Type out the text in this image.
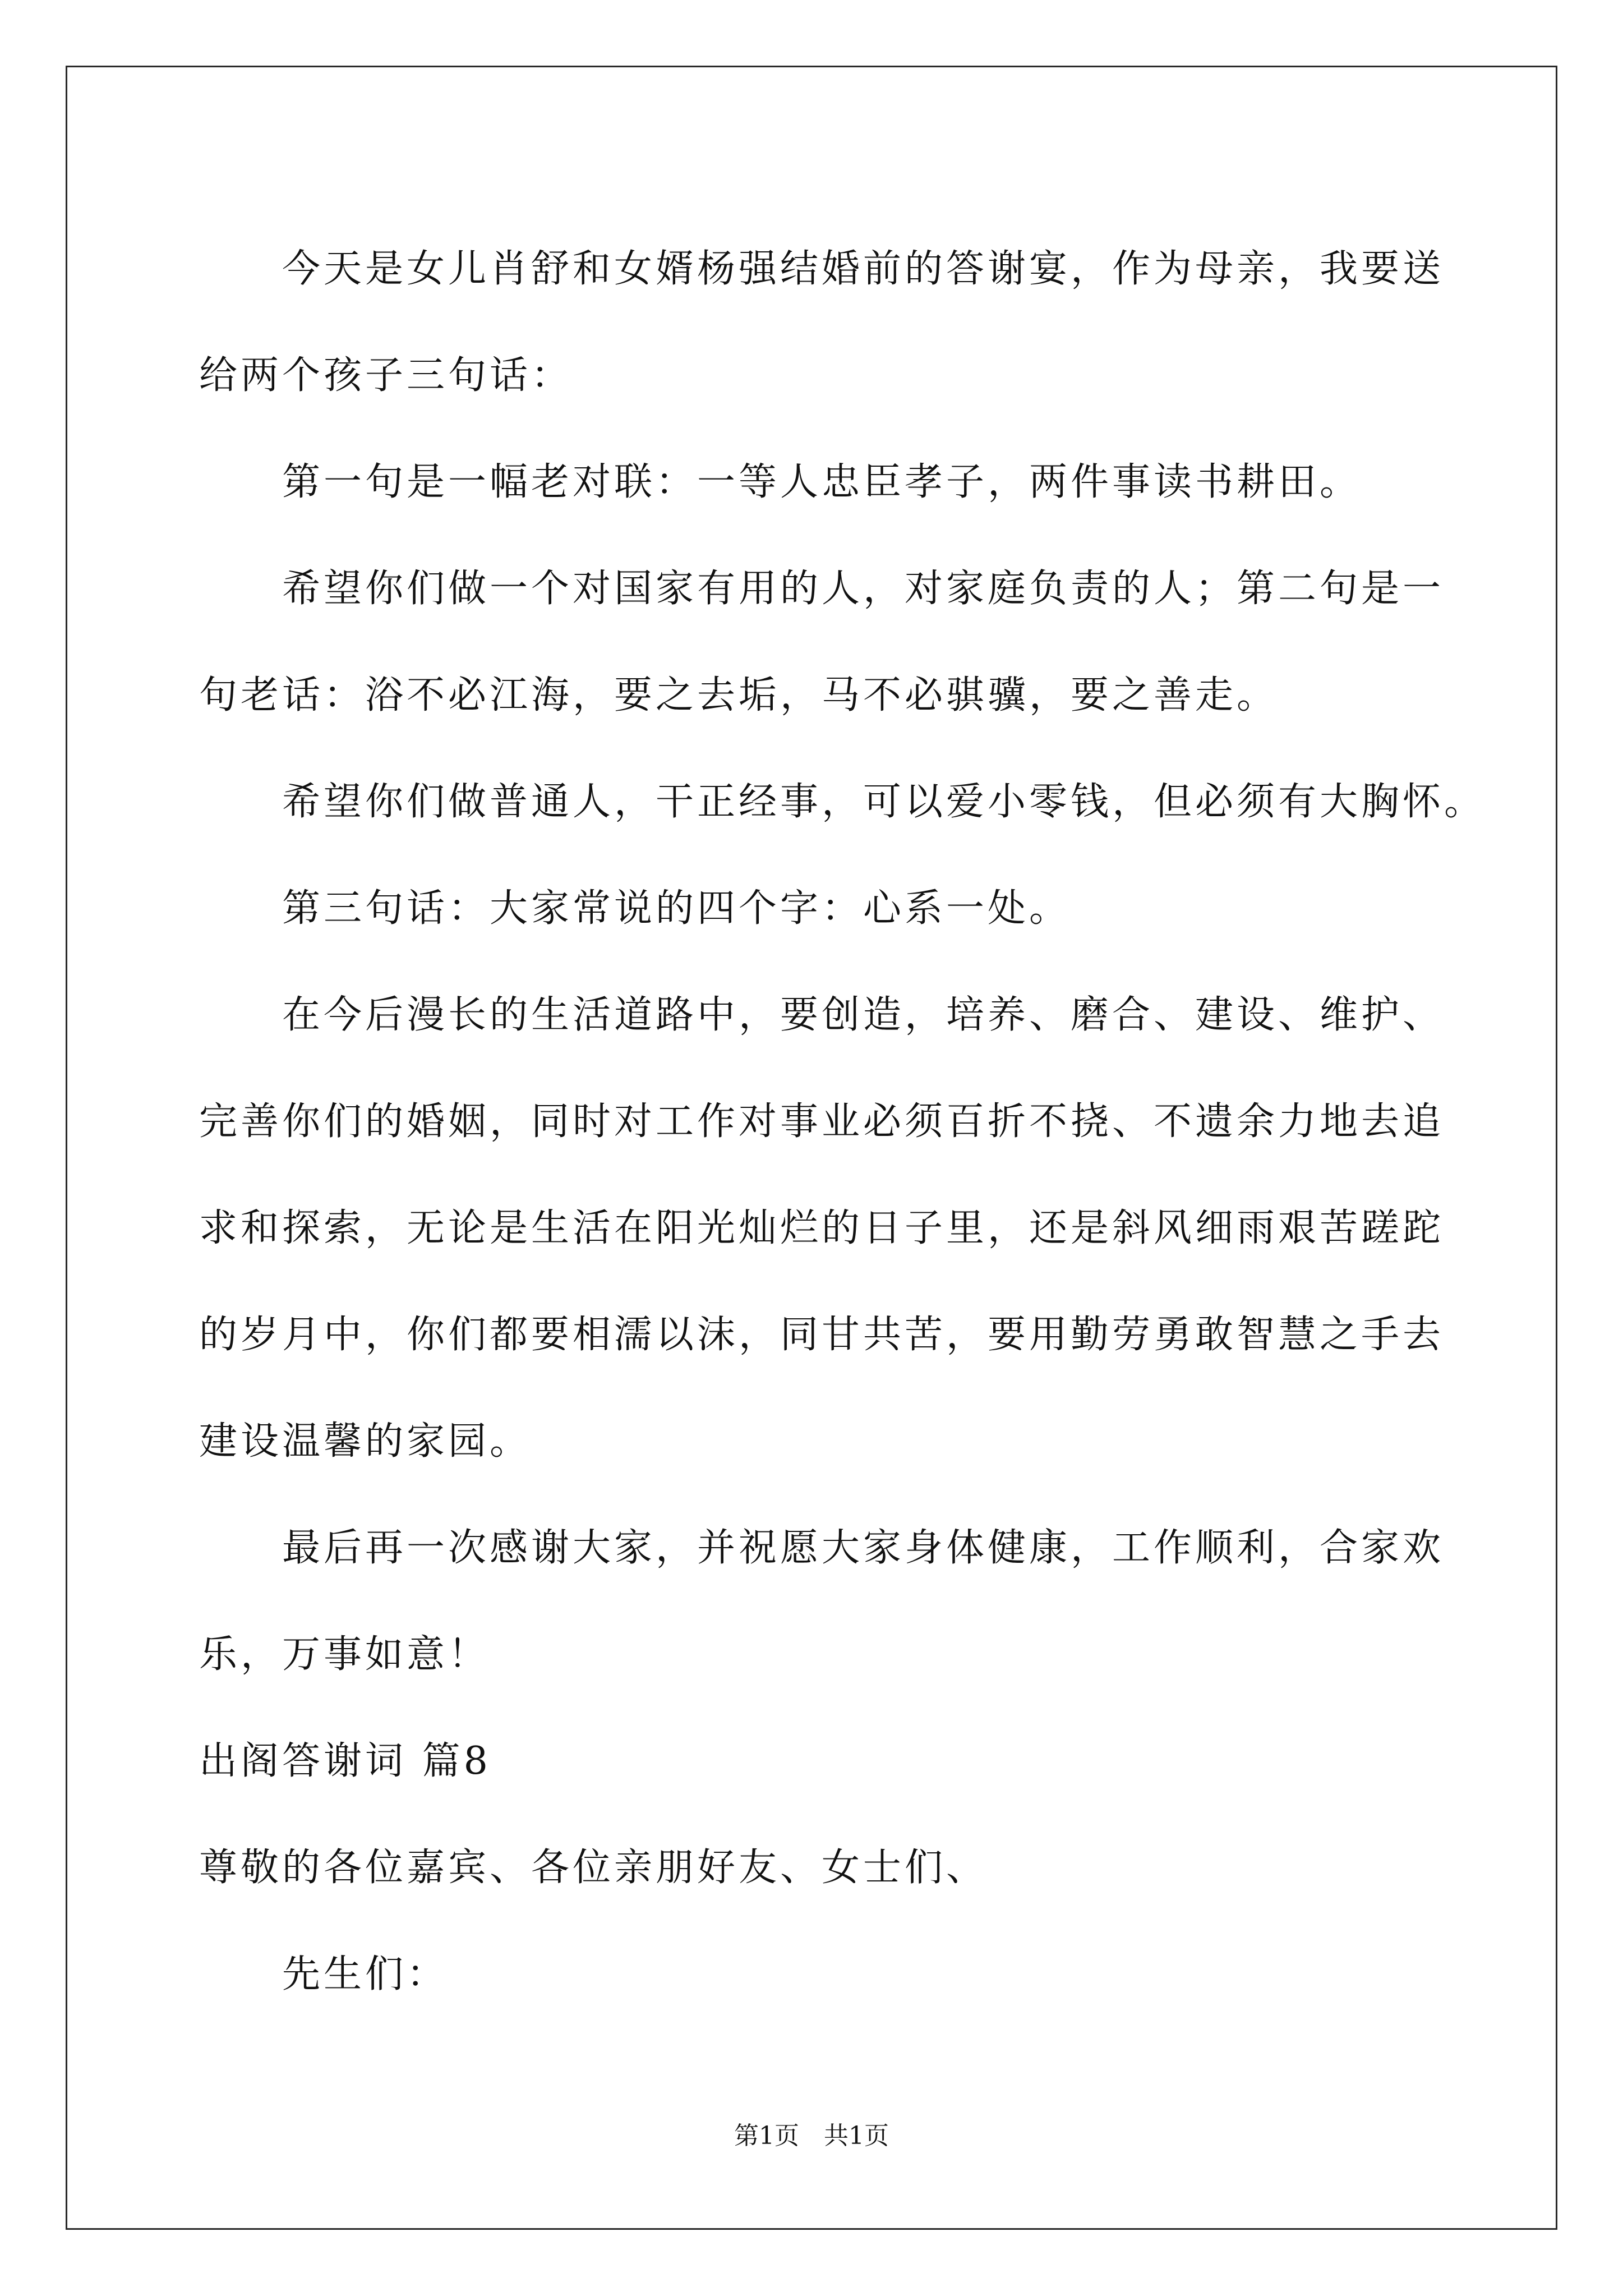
　　今天是女儿肖舒和女婿杨强结婚前的答谢宴，作为母亲，我要送

给两个孩子三句话：

　　第一句是一幅老对联：一等人忠臣孝子，两件事读书耕田。

　　希望你们做一个对国家有用的人，对家庭负责的人；第二句是一

句老话：浴不必江海，要之去垢，马不必骐骥，要之善走。

　　希望你们做普通人，干正经事，可以爱小零钱，但必须有大胸怀。

　　第三句话：大家常说的四个字：心系一处。

　　在今后漫长的生活道路中，要创造，培养、磨合、建设、维护、

完善你们的婚姻，同时对工作对事业必须百折不挠、不遗余力地去追

求和探索，无论是生活在阳光灿烂的日子里，还是斜风细雨艰苦蹉跎

的岁月中，你们都要相濡以沫，同甘共苦，要用勤劳勇敢智慧之手去

建设温馨的家园。

　　最后再一次感谢大家，并祝愿大家身体健康，工作顺利，合家欢

乐，万事如意！

出阁答谢词 篇8

尊敬的各位嘉宾、各位亲朋好友、女士们、

　　先生们：

第1页　共1页
